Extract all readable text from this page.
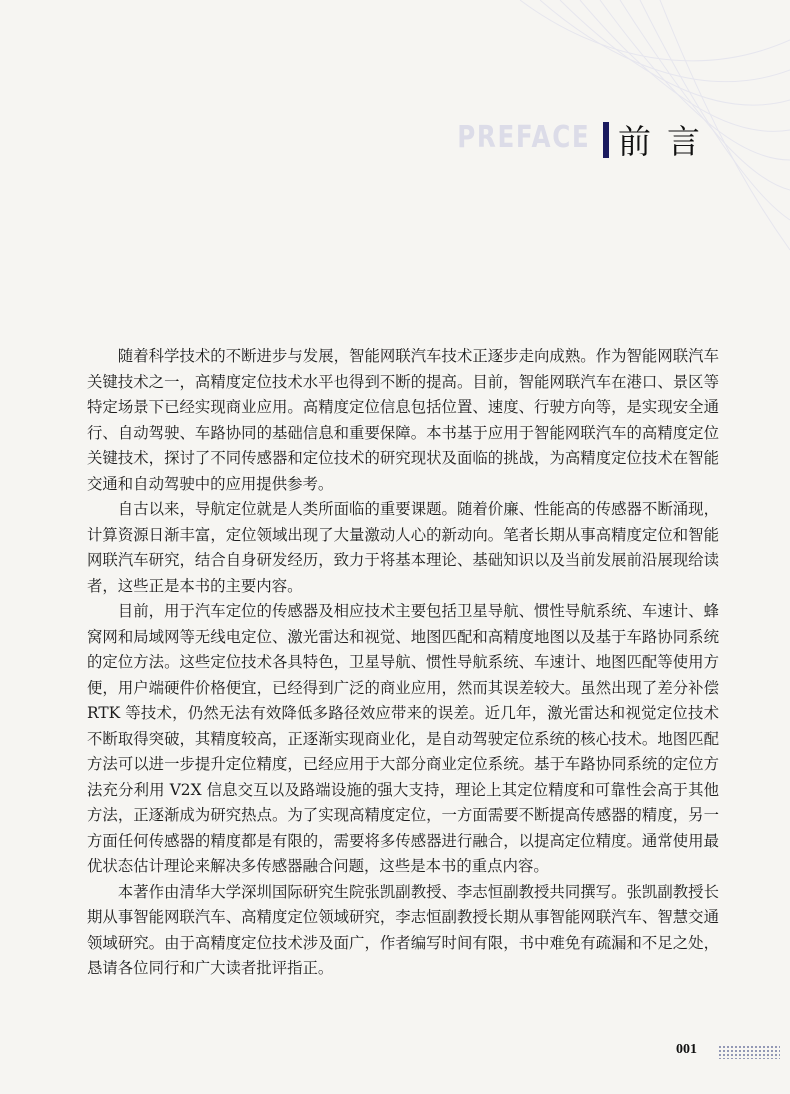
PREFACE 前言

随着科学技术的不断进步与发展，智能网联汽车技术正逐步走向成熟。作为智能网联汽车关键技术之一，高精度定位技术水平也得到不断的提高。目前，智能网联汽车在港口、景区等特定场景下已经实现商业应用。高精度定位信息包括位置、速度、行驶方向等，是实现安全通行、自动驾驶、车路协同的基础信息和重要保障。本书基于应用于智能网联汽车的高精度定位关键技术，探讨了不同传感器和定位技术的研究现状及面临的挑战，为高精度定位技术在智能交通和自动驾驶中的应用提供参考。

自古以来，导航定位就是人类所面临的重要课题。随着价廉、性能高的传感器不断涌现，计算资源日渐丰富，定位领域出现了大量激动人心的新动向。笔者长期从事高精度定位和智能网联汽车研究，结合自身研发经历，致力于将基本理论、基础知识以及当前发展前沿展现给读者，这些正是本书的主要内容。

目前，用于汽车定位的传感器及相应技术主要包括卫星导航、惯性导航系统、车速计、蜂窝网和局域网等无线电定位、激光雷达和视觉、地图匹配和高精度地图以及基于车路协同系统的定位方法。这些定位技术各具特色，卫星导航、惯性导航系统、车速计、地图匹配等使用方便，用户端硬件价格便宜，已经得到广泛的商业应用，然而其误差较大。虽然出现了差分补偿 RTK 等技术，仍然无法有效降低多路径效应带来的误差。近几年，激光雷达和视觉定位技术不断取得突破，其精度较高，正逐渐实现商业化，是自动驾驶定位系统的核心技术。地图匹配方法可以进一步提升定位精度，已经应用于大部分商业定位系统。基于车路协同系统的定位方法充分利用 V2X 信息交互以及路端设施的强大支持，理论上其定位精度和可靠性会高于其他方法，正逐渐成为研究热点。为了实现高精度定位，一方面需要不断提高传感器的精度，另一方面任何传感器的精度都是有限的，需要将多传感器进行融合，以提高定位精度。通常使用最优状态估计理论来解决多传感器融合问题，这些是本书的重点内容。

本著作由清华大学深圳国际研究生院张凯副教授、李志恒副教授共同撰写。张凯副教授长期从事智能网联汽车、高精度定位领域研究，李志恒副教授长期从事智能网联汽车、智慧交通领域研究。由于高精度定位技术涉及面广，作者编写时间有限，书中难免有疏漏和不足之处，恳请各位同行和广大读者批评指正。

001
